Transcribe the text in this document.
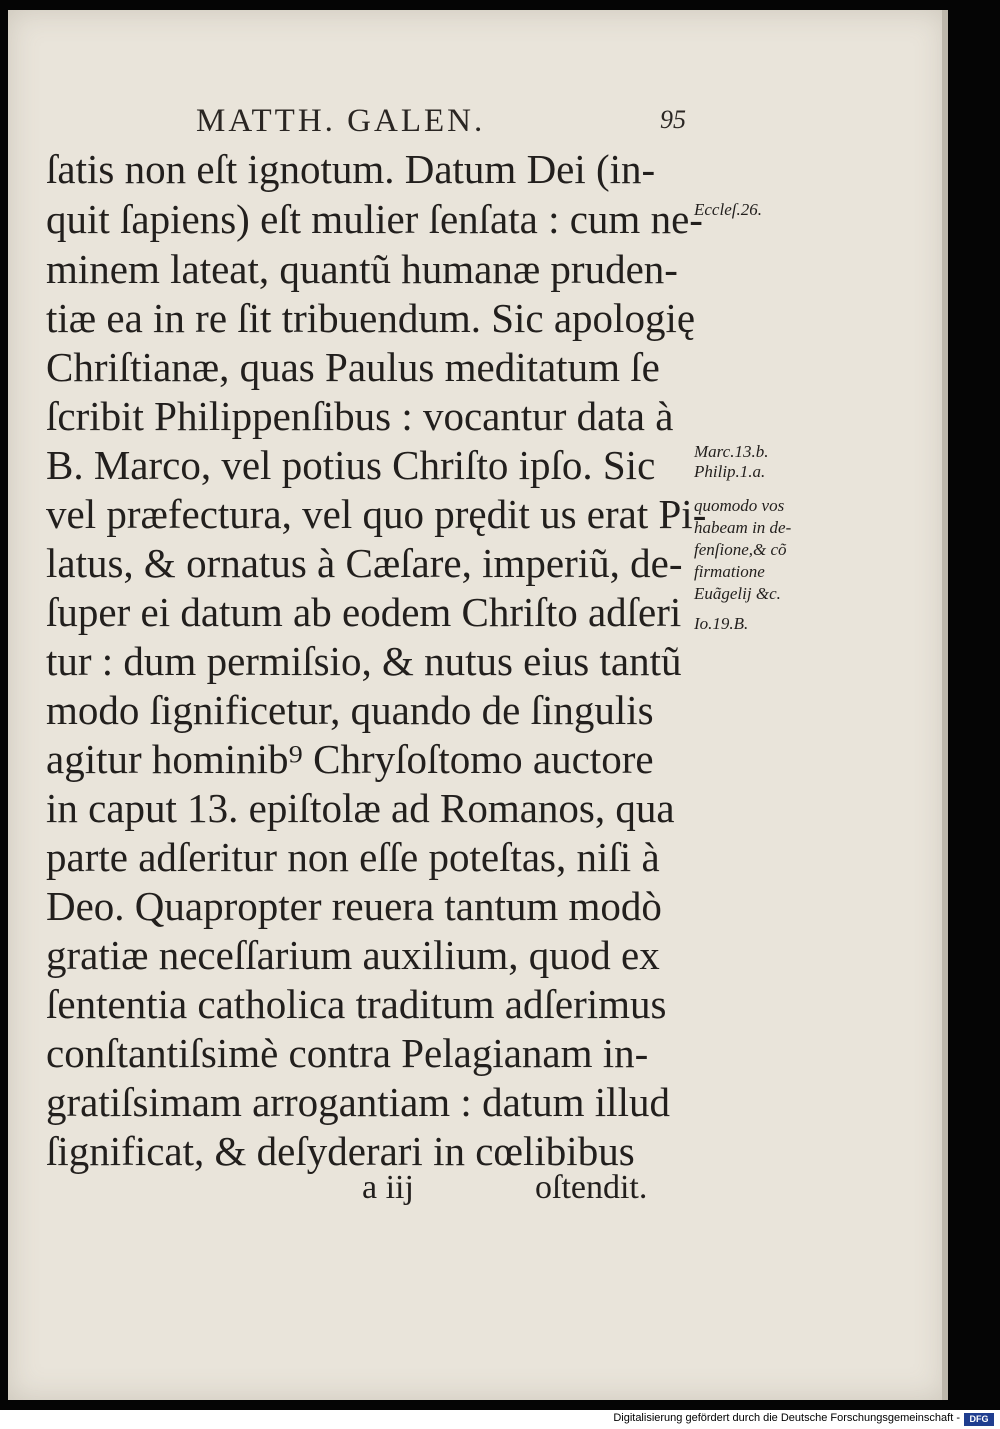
MATTH. GALEN.	95
ſatis non eſt ignotum. Datum Dei (in-
quit ſapiens) eſt mulier ſenſata : cum ne-
minem lateat, quantũ humanæ pruden-
tiæ ea in re ſit tribuendum. Sic apologię
Chriſtianæ, quas Paulus meditatum ſe
ſcribit Philippenſibus : vocantur data à
B. Marco, vel potius Chriſto ipſo. Sic
vel præfectura, vel quo prędit us erat Pi-
latus, & ornatus à Cæſare, imperiũ, de-
ſuper ei datum ab eodem Chriſto adſeri
tur : dum permiſsio, & nutus eius tantũ
modo ſignificetur, quando de ſingulis
agitur hominib⁹ Chryſoſtomo auctore
in caput 13. epiſtolæ ad Romanos, qua
parte adſeritur non eſſe poteſtas, niſi à
Deo. Quapropter reuera tantum modò
gratiæ neceſſarium auxilium, quod ex
ſententia catholica traditum adſerimus
conſtantiſsimè contra Pelagianam in-
gratiſsimam arrogantiam : datum illud
ſignificat, & deſyderari in cœlibibus
a iij	oſtendit.
Eccleſ.26.
Marc.13.b.
Philip.1.a.
quomodo vos
habeam in de-
fenſione,& cõ
firmatione
Euãgelij &c.
Io.19.B.
Digitalisierung gefördert durch die Deutsche Forschungsgemeinschaft -	DFG
